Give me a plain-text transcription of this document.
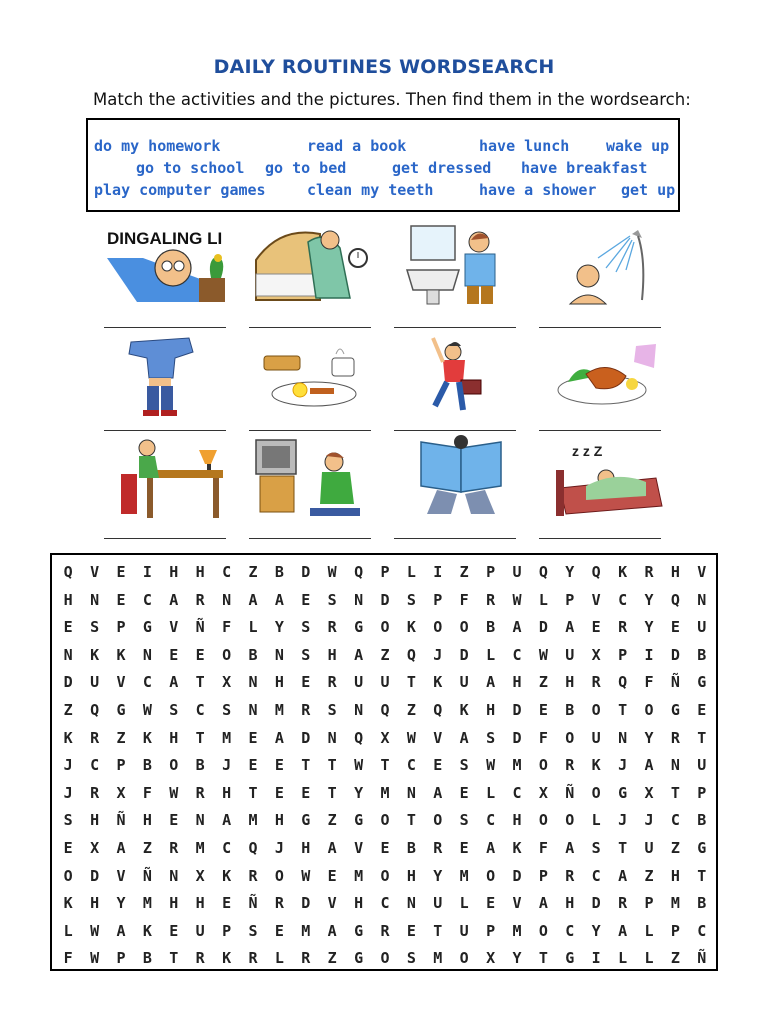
DAILY ROUTINES WORDSEARCH
Match the activities and the pictures. Then find them in the wordsearch:
do my homework	read a book	have lunch wake up
go to school go to bed	get dressed have breakfast
play computer games	clean my teeth	have a shower get up
DINGALING LI
z z Z
Q	V	E	I	H	H	C	Z	B	D	W	Q	P	L	I	Z	P	U	Q	Y	Q	K	R	H	V
H	N	E	C	A	R	N	A	A	E	S	N	D	S	P	F	R	W	L	P	V	C	Y	Q	N
E	S	P	G	V	Ñ	F	L	Y	S	R	G	O	K	O	O	B	A	D	A	E	R	Y	E	U
N	K	K	N	E	E	O	B	N	S	H	A	Z	Q	J	D	L	C	W	U	X	P	I	D	B
D	U	V	C	A	T	X	N	H	E	R	U	U	T	K	U	A	H	Z	H	R	Q	F	Ñ	G
Z	Q	G	W	S	C	S	N	M	R	S	N	Q	Z	Q	K	H	D	E	B	O	T	O	G	E
K	R	Z	K	H	T	M	E	A	D	N	Q	X	W	V	A	S	D	F	O	U	N	Y	R	T
J	C	P	B	O	B	J	E	E	T	T	W	T	C	E	S	W	M	O	R	K	J	A	N	U
J	R	X	F	W	R	H	T	E	E	T	Y	M	N	A	E	L	C	X	Ñ	O	G	X	T	P
S	H	Ñ	H	E	N	A	M	H	G	Z	G	O	T	O	S	C	H	O	O	L	J	J	C	B
E	X	A	Z	R	M	C	Q	J	H	A	V	E	B	R	E	A	K	F	A	S	T	U	Z	G
O	D	V	Ñ	N	X	K	R	O	W	E	M	O	H	Y	M	O	D	P	R	C	A	Z	H	T
K	H	Y	M	H	H	E	Ñ	R	D	V	H	C	N	U	L	E	V	A	H	D	R	P	M	B
L	W	A	K	E	U	P	S	E	M	A	G	R	E	T	U	P	M	O	C	Y	A	L	P	C
F	W	P	B	T	R	K	R	L	R	Z	G	O	S	M	O	X	Y	T	G	I	L	L	Z	Ñ
